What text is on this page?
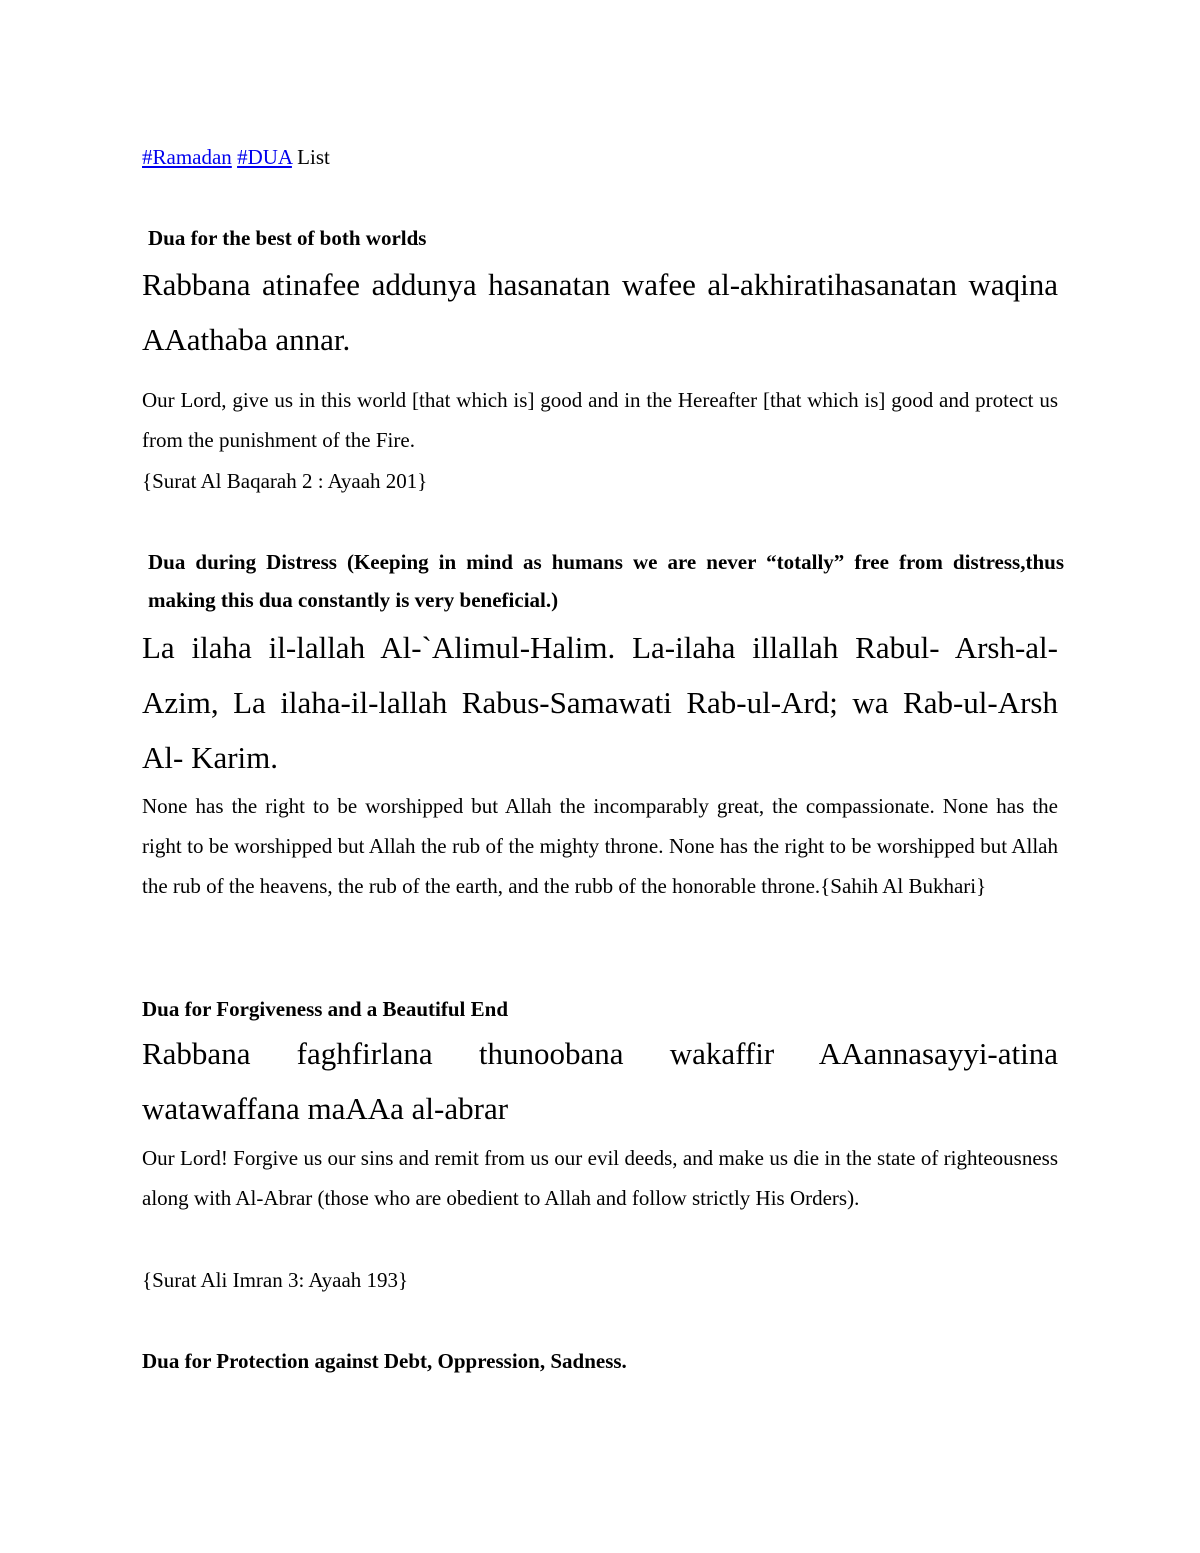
#Ramadan #DUA List
Dua for the best of both worlds
Rabbana atinafee addunya hasanatan wafee al-akhiratihasanatan waqina AAathaba annar.
Our Lord, give us in this world [that which is] good and in the Hereafter [that which is] good and protect us from the punishment of the Fire.
{Surat Al Baqarah 2 : Ayaah 201}
Dua during Distress (Keeping in mind as humans we are never “totally” free from distress,thus making this dua constantly is very beneficial.)
La ilaha il-lallah Al-`Alimul-Halim. La-ilaha illallah Rabul- Arsh-al-Azim, La ilaha-il-lallah Rabus-Samawati Rab-ul-Ard; wa Rab-ul-Arsh Al- Karim.
None has the right to be worshipped but Allah the incomparably great, the compassionate. None has the right to be worshipped but Allah the rub of the mighty throne. None has the right to be worshipped but Allah the rub of the heavens, the rub of the earth, and the rubb of the honorable throne.{Sahih Al Bukhari}
Dua for Forgiveness and a Beautiful End
Rabbana faghfirlana thunoobana wakaffir AAannasayyi-atina watawaffana maAAa al-abrar
Our Lord! Forgive us our sins and remit from us our evil deeds, and make us die in the state of righteousness along with Al-Abrar (those who are obedient to Allah and follow strictly His Orders).
{Surat Ali Imran 3: Ayaah 193}
Dua for Protection against Debt, Oppression, Sadness.
